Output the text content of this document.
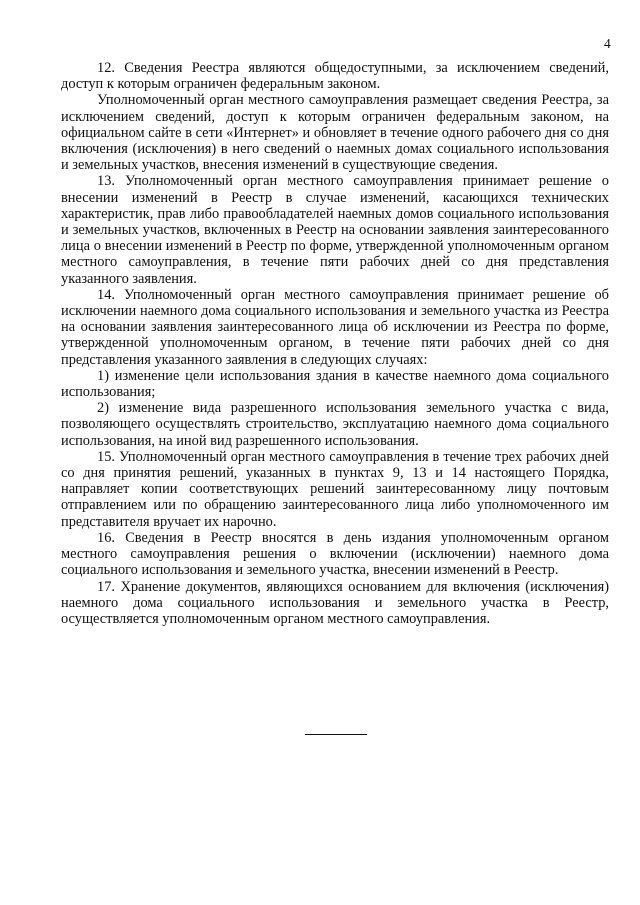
4

12. Сведения Реестра являются общедоступными, за исключением сведений, доступ к которым ограничен федеральным законом.

Уполномоченный орган местного самоуправления размещает сведения Реестра, за исключением сведений, доступ к которым ограничен федеральным законом, на официальном сайте в сети «Интернет» и обновляет в течение одного рабочего дня со дня включения (исключения) в него сведений о наемных домах социального использования и земельных участков, внесения изменений в существующие сведения.

13. Уполномоченный орган местного самоуправления принимает решение о внесении изменений в Реестр в случае изменений, касающихся технических характеристик, прав либо правообладателей наемных домов социального использования и земельных участков, включенных в Реестр на основании заявления заинтересованного лица о внесении изменений в Реестр по форме, утвержденной уполномоченным органом местного самоуправления, в течение пяти рабочих дней со дня представления указанного заявления.

14. Уполномоченный орган местного самоуправления принимает решение об исключении наемного дома социального использования и земельного участка из Реестра на основании заявления заинтересованного лица об исключении из Реестра по форме, утвержденной уполномоченным органом, в течение пяти рабочих дней со дня представления указанного заявления в следующих случаях:

1) изменение цели использования здания в качестве наемного дома социального использования;

2) изменение вида разрешенного использования земельного участка с вида, позволяющего осуществлять строительство, эксплуатацию наемного дома социального использования, на иной вид разрешенного использования.

15. Уполномоченный орган местного самоуправления в течение трех рабочих дней со дня принятия решений, указанных в пунктах 9, 13 и 14 настоящего Порядка, направляет копии соответствующих решений заинтересованному лицу почтовым отправлением или по обращению заинтересованного лица либо уполномоченного им представителя вручает их нарочно.

16. Сведения в Реестр вносятся в день издания уполномоченным органом местного самоуправления решения о включении (исключении) наемного дома социального использования и земельного участка, внесении изменений в Реестр.

17. Хранение документов, являющихся основанием для включения (исключения) наемного дома социального использования и земельного участка в Реестр, осуществляется уполномоченным органом местного самоуправления.
